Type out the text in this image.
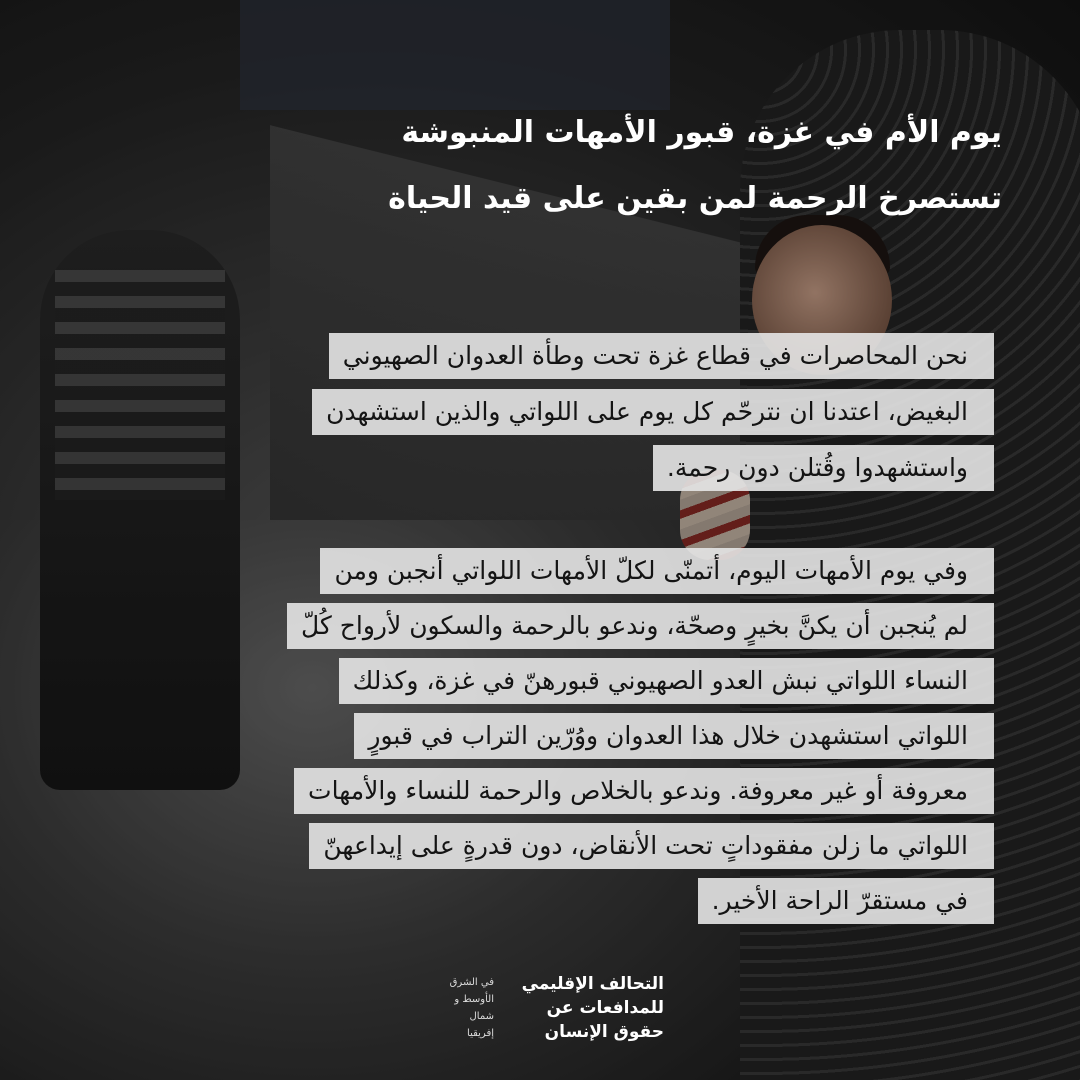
يوم الأم في غزة، قبور الأمهات المنبوشة
تستصرخ الرحمة لمن بقين على قيد الحياة
نحن المحاصرات في قطاع غزة تحت وطأة العدوان الصهيوني
البغيض، اعتدنا ان نترحّم كل يوم على اللواتي والذين استشهدن
واستشهدوا وقُتلن دون رحمة.
وفي يوم الأمهات اليوم، أتمنّى لكلّ الأمهات اللواتي أنجبن ومن
لم يُنجبن أن يكنَّ بخيرٍ وصحّة، وندعو بالرحمة والسكون لأرواح كُلّ
النساء اللواتي نبش العدو الصهيوني قبورهنّ في غزة، وكذلك
اللواتي استشهدن خلال هذا العدوان ووُرّين التراب في قبورٍ
معروفة أو غير معروفة. وندعو بالخلاص والرحمة للنساء والأمهات
اللواتي ما زلن مفقوداتٍ تحت الأنقاض، دون قدرةٍ على إيداعهنّ
في مستقرّ الراحة الأخير.
التحالف الإقليمي
للمدافعات عن
حقوق الإنسان
في الشرق
الأوسط و
شمال
إفريقيا
